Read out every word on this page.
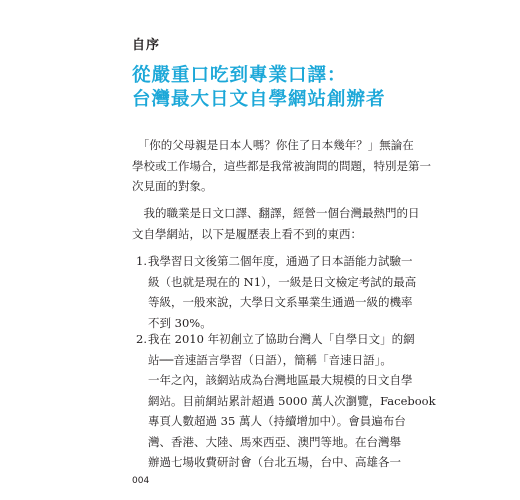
自序
從嚴重口吃到專業口譯：
台灣最大日文自學網站創辦者
　「你的父母親是日本人嗎？你住了日本幾年？」無論在
學校或工作場合，這些都是我常被詢問的問題，特別是第一
次見面的對象。
　我的職業是日文口譯、翻譯，經營一個台灣最熱門的日
文自學網站，以下是履歷表上看不到的東西：
1. 我學習日文後第二個年度，通過了日本語能力試驗一
級（也就是現在的 N1），一級是日文檢定考試的最高
等級，一般來說，大學日文系畢業生通過一級的機率
不到 30%。
2. 我在 2010 年初創立了協助台灣人「自學日文」的網
站──音速語言學習（日語），簡稱「音速日語」。
一年之內，該網站成為台灣地區最大規模的日文自學
網站。目前網站累計超過 5000 萬人次瀏覽，Facebook
專頁人數超過 35 萬人（持續增加中）。會員遍布台
灣、香港、大陸、馬來西亞、澳門等地。在台灣舉
辦過七場收費研討會（台北五場，台中、高雄各一
004
